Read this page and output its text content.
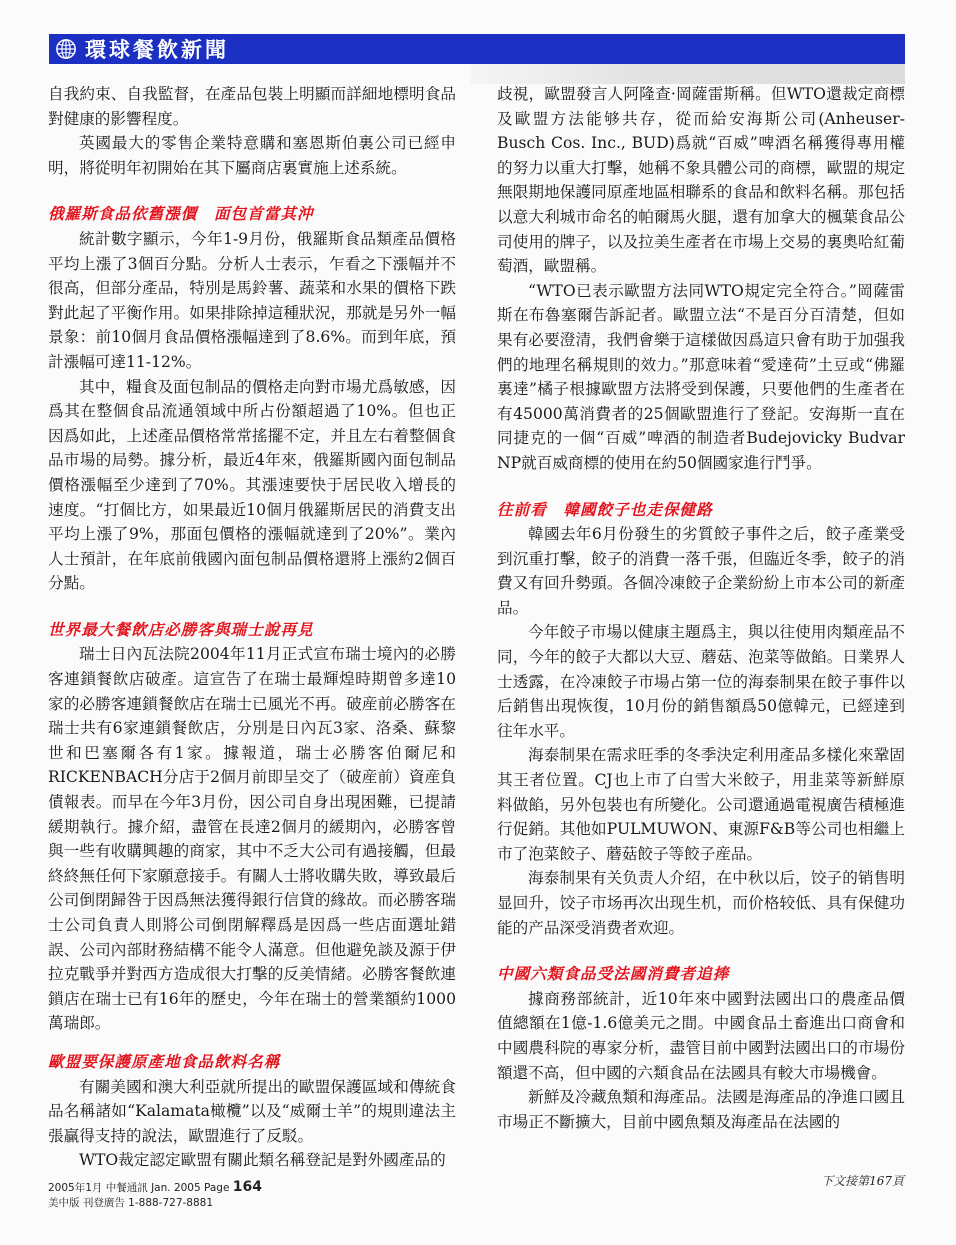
環球餐飲新聞

自我約束、自我監督，在產品包裝上明顯而詳細地標明食品對健康的影響程度。

英國最大的零售企業特意購和塞恩斯伯裏公司已經申明，將從明年初開始在其下屬商店裏實施上述系統。

俄羅斯食品依舊漲價　面包首當其沖

統計數字顯示，今年1-9月份，俄羅斯食品類產品價格平均上漲了3個百分點。分析人士表示，乍看之下漲幅并不很高，但部分產品，特別是馬鈴薯、蔬菜和水果的價格下跌對此起了平衡作用。如果排除掉這種狀況，那就是另外一幅景象：前10個月食品價格漲幅達到了8.6%。而到年底，預計漲幅可達11-12%。

其中，糧食及面包制品的價格走向對市場尤爲敏感，因爲其在整個食品流通領域中所占份額超過了10%。但也正因爲如此，上述產品價格常常搖擺不定，并且左右着整個食品市場的局勢。據分析，最近4年來，俄羅斯國內面包制品價格漲幅至少達到了70%。其漲速要快于居民收入增長的速度。“打個比方，如果最近10個月俄羅斯居民的消費支出平均上漲了9%，那面包價格的漲幅就達到了20%”。業內人士預計，在年底前俄國內面包制品價格還將上漲約2個百分點。

世界最大餐飲店必勝客與瑞士說再見

瑞士日內瓦法院2004年11月正式宣布瑞士境內的必勝客連鎖餐飲店破產。這宣告了在瑞士最輝煌時期曾多達10家的必勝客連鎖餐飲店在瑞士已風光不再。破産前必勝客在瑞士共有6家連鎖餐飲店，分別是日內瓦3家、洛桑、蘇黎世和巴塞爾各有1家。據報道，瑞士必勝客伯爾尼和RICKENBACH分店于2個月前即呈交了（破産前）資産負債報表。而早在今年3月份，因公司自身出現困難，已提請緩期執行。據介紹，盡管在長達2個月的緩期內，必勝客曾與一些有收購興趣的商家，其中不乏大公司有過接觸，但最終終無任何下家願意接手。有關人士將收購失敗，導致最后公司倒閉歸咎于因爲無法獲得銀行信貸的緣故。而必勝客瑞士公司負責人則將公司倒閉解釋爲是因爲一些店面選址錯誤、公司內部財務結構不能令人滿意。但他避免談及源于伊拉克戰爭并對西方造成很大打擊的反美情緒。必勝客餐飲連鎖店在瑞士已有16年的歷史，今年在瑞士的營業額約1000萬瑞郎。

歐盟要保護原產地食品飲料名稱

有關美國和澳大利亞就所提出的歐盟保護區域和傳統食品名稱諸如“Kalamata橄欖”以及“威爾士羊”的規則違法主張贏得支持的說法，歐盟進行了反駁。

WTO裁定認定歐盟有關此類名稱登記是對外國產品的

歧視，歐盟發言人阿隆查·岡薩雷斯稱。但WTO還裁定商標及歐盟方法能够共存，從而給安海斯公司(Anheuser-Busch Cos. Inc., BUD)爲就“百威”啤酒名稱獲得專用權的努力以重大打擊，她稱不象具體公司的商標，歐盟的規定無限期地保護同原產地區相聯系的食品和飲料名稱。那包括以意大利城市命名的帕爾馬火腿，還有加拿大的楓葉食品公司使用的牌子，以及拉美生產者在市場上交易的裏奧哈紅葡萄酒，歐盟稱。

“WTO已表示歐盟方法同WTO規定完全符合。”岡薩雷斯在布魯塞爾告訴記者。歐盟立法“不是百分百清楚，但如果有必要澄清，我們會樂于這樣做因爲這只會有助于加强我們的地理名稱規則的效力。”那意味着“愛達荷”土豆或“佛羅裏達”橘子根據歐盟方法將受到保護，只要他們的生產者在有45000萬消費者的25個歐盟進行了登記。安海斯一直在同捷克的一個“百威”啤酒的制造者Budejovicky Budvar NP就百威商標的使用在約50個國家進行鬥爭。

往前看　韓國餃子也走保健路

韓國去年6月份發生的劣質餃子事件之后，餃子產業受到沉重打擊，餃子的消費一落千張，但臨近冬季，餃子的消費又有回升勢頭。各個冷凍餃子企業紛紛上市本公司的新產品。

今年餃子市場以健康主題爲主，與以往使用肉類産品不同，今年的餃子大都以大豆、蘑菇、泡菜等做餡。日業界人士透露，在冷凍餃子市場占第一位的海泰制果在餃子事件以后銷售出現恢復，10月份的銷售額爲50億韓元，已經達到往年水平。

海泰制果在需求旺季的冬季決定利用產品多樣化來鞏固其王者位置。CJ也上市了白雪大米餃子，用韭菜等新鮮原料做餡，另外包裝也有所變化。公司還通過電視廣告積極進行促銷。其他如PULMUWON、東源F&B等公司也相繼上市了泡菜餃子、蘑菇餃子等餃子産品。

海泰制果有关负责人介绍，在中秋以后，饺子的销售明显回升，饺子市场再次出现生机，而价格较低、具有保健功能的产品深受消费者欢迎。

中國六類食品受法國消費者追捧

據商務部統計，近10年來中國對法國出口的農產品價值總額在1億-1.6億美元之間。中國食品土畜進出口商會和中國農科院的專家分析，盡管目前中國對法國出口的市場份額還不高，但中國的六類食品在法國具有較大市場機會。

新鮮及冷藏魚類和海產品。法國是海產品的净進口國且市場正不斷擴大，目前中國魚類及海產品在法國的

2005年1月 中餐通訊 Jan. 2005 Page 164
美中版 刊登廣告 1-888-727-8881
下文接第167頁
